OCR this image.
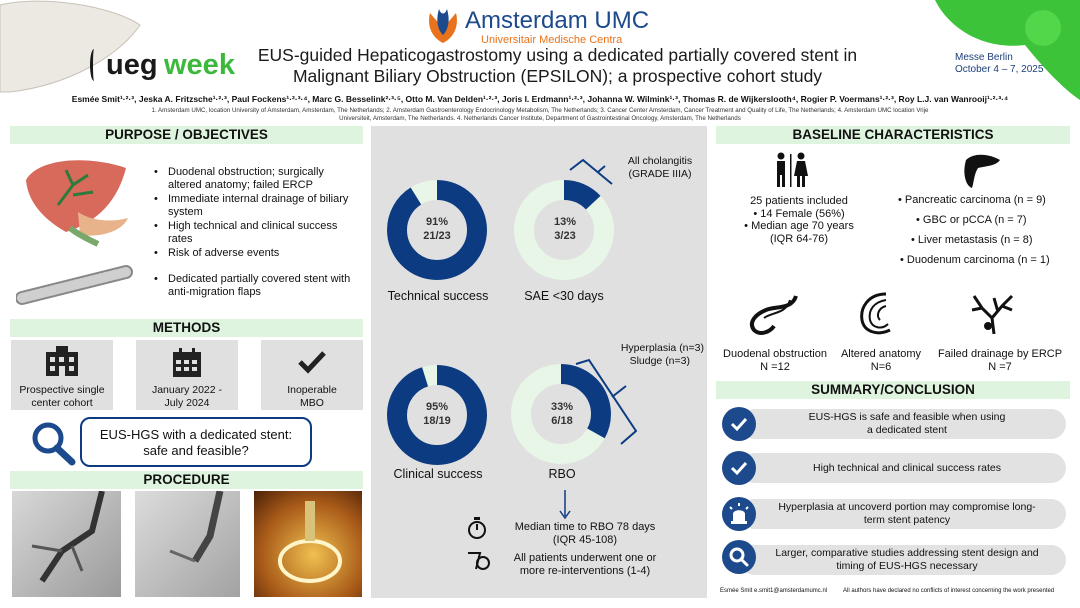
Amsterdam UMC
Universitair Medische Centra
ueg week	Messe Berlin
October 4 – 7, 2025
EUS-guided Hepaticogastrostomy using a dedicated partially covered stent in
Malignant Biliary Obstruction (EPSILON); a prospective cohort study
Esmée Smit¹·²·³, Jeska A. Fritzsche¹·²·³, Paul Fockens¹·²·³·⁴, Marc G. Besselink²·³·⁵, Otto M. Van Delden¹·²·³, Joris I. Erdmann¹·²·³, Johanna W. Wilmink¹·³, Thomas R. de Wijkerslooth⁴, Rogier P. Voermans¹·²·³, Roy L.J. van Wanrooij¹·²·³·⁴
1. Amsterdam UMC, location University of Amsterdam, Amsterdam, The Netherlands; 2. Amsterdam Gastroenterology Endocrinology Metabolism, The Netherlands; 3. Cancer Center Amsterdam, Cancer Treatment and Quality of Life, The Netherlands; 4. Amsterdam UMC location Vrije
Universiteit, Amsterdam, The Netherlands. 4. Netherlands Cancer Institute, Department of Gastrointestinal Oncology, Amsterdam, The Netherlands
PURPOSE / OBJECTIVES
• Duodenal obstruction; surgically altered anatomy; failed ERCP
• Immediate internal drainage of biliary system
• High technical and clinical success rates
• Risk of adverse events
• Dedicated partially covered stent with anti-migration flaps
METHODS
Prospective single center cohort
January 2022 - July 2024
Inoperable MBO
EUS-HGS with a dedicated stent: safe and feasible?
PROCEDURE
91%
21/23
13%
3/23
95%
18/19
33%
6/18
Technical success	SAE <30 days
Clinical success	RBO
All cholangitis
(GRADE IIIA)
Hyperplasia (n=3)
Sludge (n=3)
Median time to RBO 78 days
(IQR 45-108)
All patients underwent one or
more re-interventions (1-4)
BASELINE CHARACTERISTICS
25 patients included
• 14 Female (56%)
• Median age 70 years
(IQR 64-76)
• Pancreatic carcinoma (n = 9)
• GBC or pCCA (n = 7)
• Liver metastasis (n = 8)
• Duodenum carcinoma (n = 1)
Duodenal obstruction
N =12
Altered anatomy
N=6
Failed drainage by ERCP
N =7
SUMMARY/CONCLUSION
EUS-HGS is safe and feasible when using
a dedicated stent
High technical and clinical success rates
Hyperplasia at uncoverd portion may compromise long-
term stent patency
Larger, comparative studies addressing stent design and
timing of EUS-HGS necessary
Esmée Smit e.smit1@amsterdamumc.nl	All authors have declared no conflicts of interest concerning the work presented
